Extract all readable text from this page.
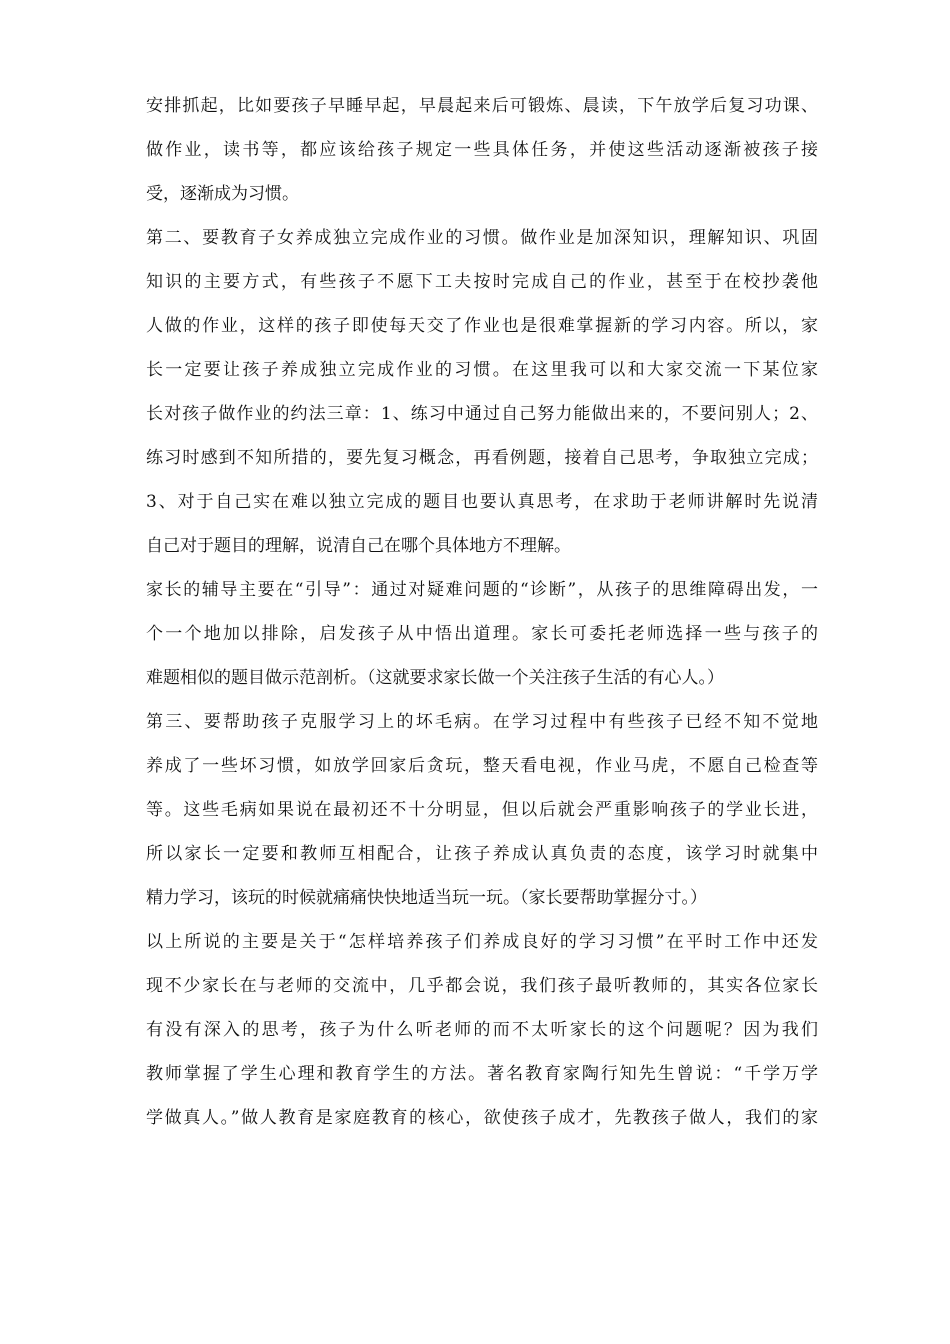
安排抓起，比如要孩子早睡早起，早晨起来后可锻炼、晨读，下午放学后复习功课、

做作业，读书等，都应该给孩子规定一些具体任务，并使这些活动逐渐被孩子接

受，逐渐成为习惯。

第二、要教育子女养成独立完成作业的习惯。做作业是加深知识，理解知识、巩固

知识的主要方式，有些孩子不愿下工夫按时完成自己的作业，甚至于在校抄袭他

人做的作业，这样的孩子即使每天交了作业也是很难掌握新的学习内容。所以，家

长一定要让孩子养成独立完成作业的习惯。在这里我可以和大家交流一下某位家

长对孩子做作业的约法三章：1、练习中通过自己努力能做出来的，不要问别人；2、

练习时感到不知所措的，要先复习概念，再看例题，接着自己思考，争取独立完成；

3、对于自己实在难以独立完成的题目也要认真思考，在求助于老师讲解时先说清

自己对于题目的理解，说清自己在哪个具体地方不理解。

家长的辅导主要在“引导”：通过对疑难问题的“诊断”，从孩子的思维障碍出发，一

个一个地加以排除，启发孩子从中悟出道理。家长可委托老师选择一些与孩子的

难题相似的题目做示范剖析。（这就要求家长做一个关注孩子生活的有心人。）

第三、要帮助孩子克服学习上的坏毛病。在学习过程中有些孩子已经不知不觉地

养成了一些坏习惯，如放学回家后贪玩，整天看电视，作业马虎，不愿自己检查等

等。这些毛病如果说在最初还不十分明显，但以后就会严重影响孩子的学业长进，

所以家长一定要和教师互相配合，让孩子养成认真负责的态度，该学习时就集中

精力学习，该玩的时候就痛痛快快地适当玩一玩。（家长要帮助掌握分寸。）

以上所说的主要是关于“怎样培养孩子们养成良好的学习习惯”在平时工作中还发

现不少家长在与老师的交流中，几乎都会说，我们孩子最听教师的，其实各位家长

有没有深入的思考，孩子为什么听老师的而不太听家长的这个问题呢？因为我们

教师掌握了学生心理和教育学生的方法。著名教育家陶行知先生曾说：“千学万学

学做真人。”做人教育是家庭教育的核心，欲使孩子成才，先教孩子做人，我们的家
